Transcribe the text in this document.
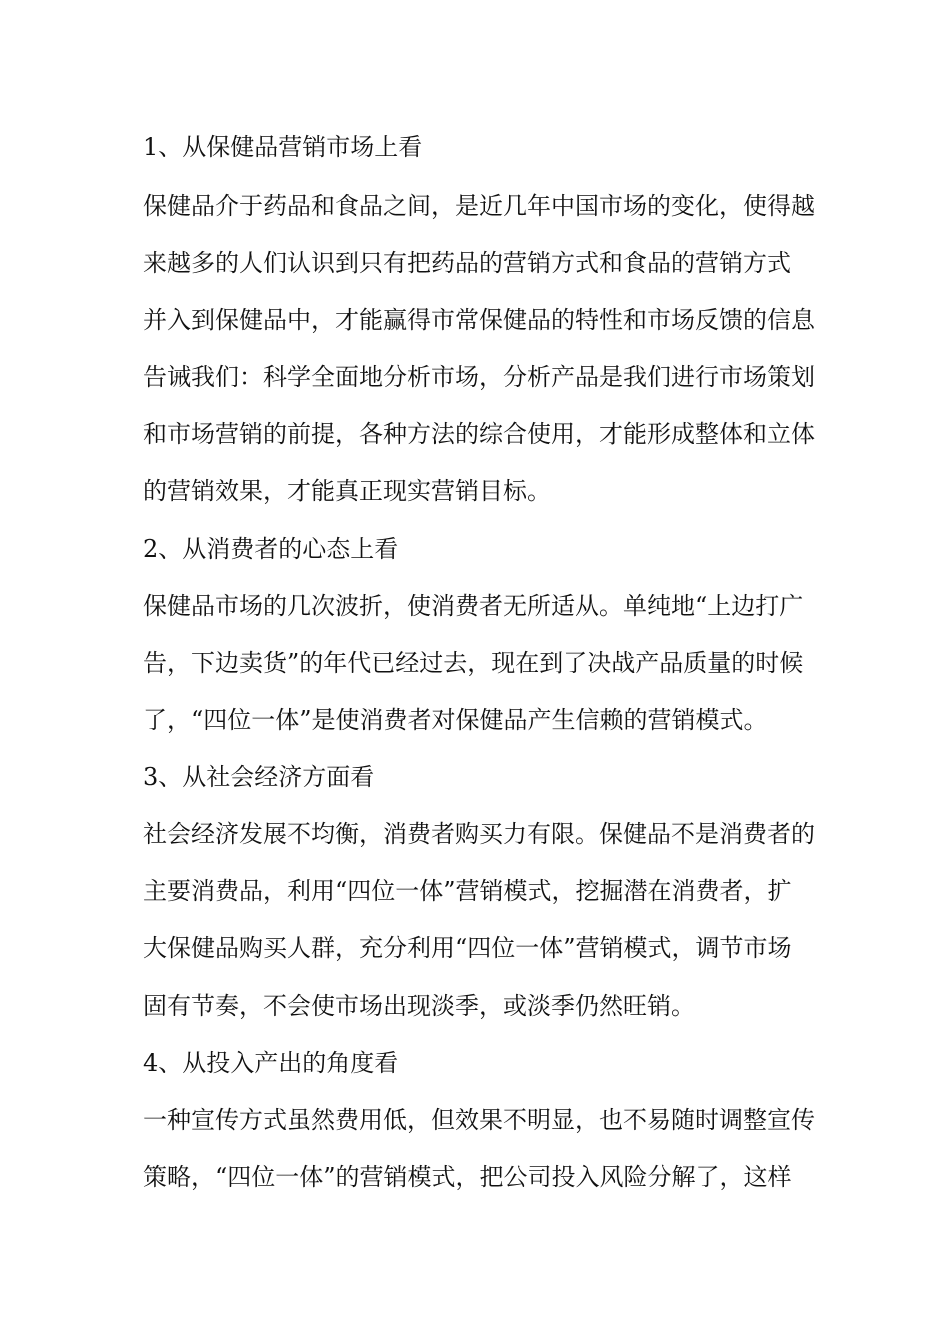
1、从保健品营销市场上看
保健品介于药品和食品之间，是近几年中国市场的变化，使得越
来越多的人们认识到只有把药品的营销方式和食品的营销方式
并入到保健品中，才能赢得市常保健品的特性和市场反馈的信息
告诫我们：科学全面地分析市场，分析产品是我们进行市场策划
和市场营销的前提，各种方法的综合使用，才能形成整体和立体
的营销效果，才能真正现实营销目标。
2、从消费者的心态上看
保健品市场的几次波折，使消费者无所适从。单纯地“上边打广
告，下边卖货”的年代已经过去，现在到了决战产品质量的时候
了，“四位一体”是使消费者对保健品产生信赖的营销模式。
3、从社会经济方面看
社会经济发展不均衡，消费者购买力有限。保健品不是消费者的
主要消费品，利用“四位一体”营销模式，挖掘潜在消费者，扩
大保健品购买人群，充分利用“四位一体”营销模式，调节市场
固有节奏，不会使市场出现淡季，或淡季仍然旺销。
4、从投入产出的角度看
一种宣传方式虽然费用低，但效果不明显，也不易随时调整宣传
策略，“四位一体”的营销模式，把公司投入风险分解了，这样
